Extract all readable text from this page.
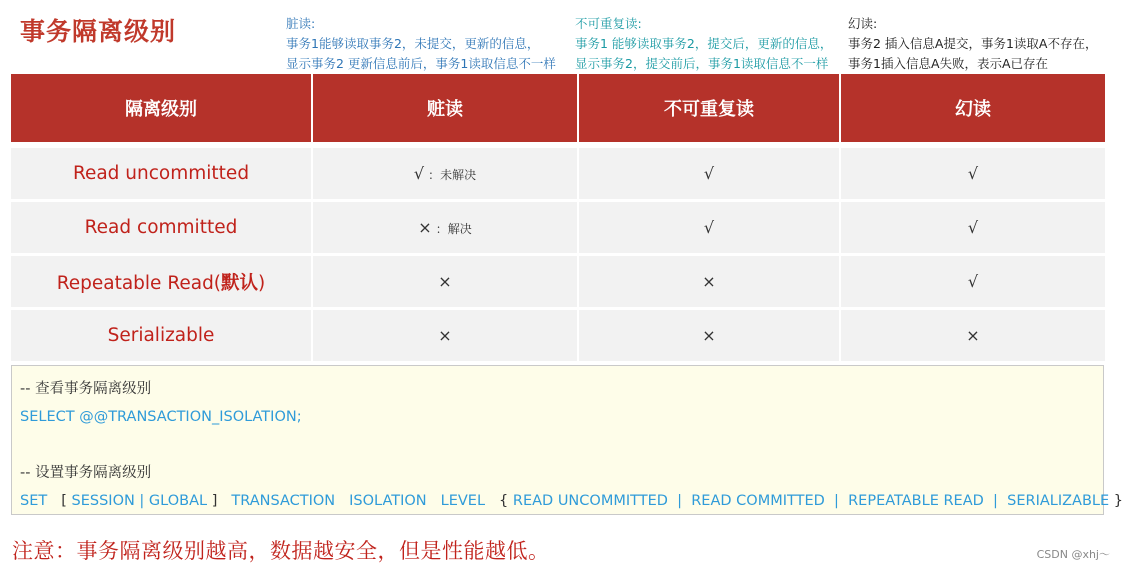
事务隔离级别	脏读:
事务1能够读取事务2，未提交，更新的信息，
显示事务2 更新信息前后，事务1读取信息不一样
不可重复读:
事务1 能够读取事务2，提交后，更新的信息，
显示事务2，提交前后，事务1读取信息不一样
幻读:
事务2 插入信息A提交，事务1读取A不存在，
事务1插入信息A失败，表示A已存在
隔离级别	赃读	不可重复读	幻读

Read uncommitted	√ ：未解决	√	√
Read committed	× ：解决	√	√
Repeatable Read(默认)	×	×	√
Serializable	×	×	×
-- 查看事务隔离级别
SELECT @@TRANSACTION_ISOLATION;
-- 设置事务隔离级别
SET [ SESSION | GLOBAL ] TRANSACTION ISOLATION LEVEL { READ UNCOMMITTED  |  READ COMMITTED  |  REPEATABLE READ  |  SERIALIZABLE }
注意：事务隔离级别越高，数据越安全，但是性能越低。	CSDN @xhj～
